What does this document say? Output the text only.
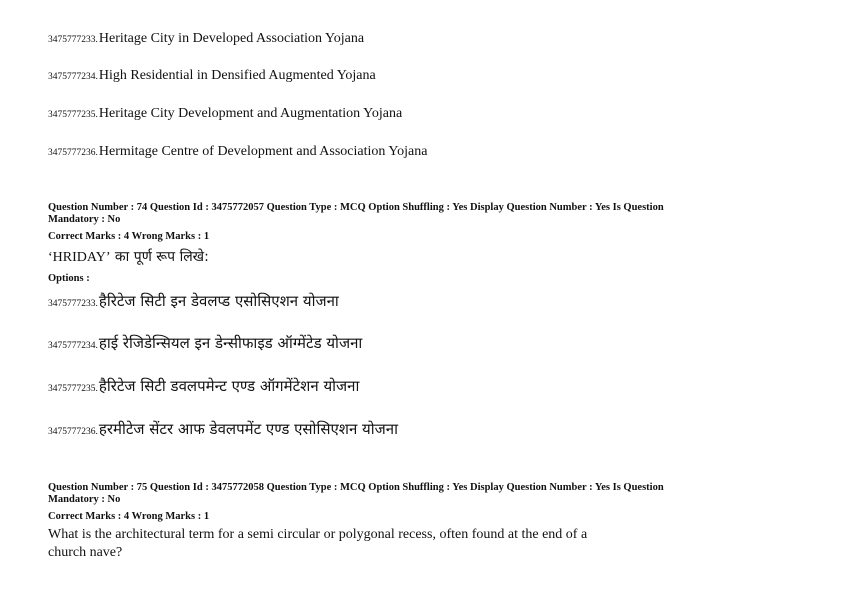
3475777233.Heritage City in Developed Association Yojana
3475777234.High Residential in Densified Augmented Yojana
3475777235.Heritage City Development and Augmentation Yojana
3475777236.Hermitage Centre of Development and Association Yojana
Question Number : 74 Question Id : 3475772057 Question Type : MCQ Option Shuffling : Yes Display Question Number : Yes Is Question
Mandatory : No
Correct Marks : 4 Wrong Marks : 1
‘HRIDAY’ का पूर्ण रूप लिखे:
Options :
3475777233.हैरिटेज सिटी इन डेवलप्ड एसोसिएशन योजना
3475777234.हाई रेजिडेन्सियल इन डेन्सीफाइड ऑग्मेंटेड योजना
3475777235.हैरिटेज सिटी डवलपमेन्ट एण्ड ऑगमेंटेशन योजना
3475777236.हरमीटेज सेंटर आफ डेवलपमेंट एण्ड एसोसिएशन योजना
Question Number : 75 Question Id : 3475772058 Question Type : MCQ Option Shuffling : Yes Display Question Number : Yes Is Question
Mandatory : No
Correct Marks : 4 Wrong Marks : 1
What is the architectural term for a semi circular or polygonal recess, often found at the end of a
church nave?
